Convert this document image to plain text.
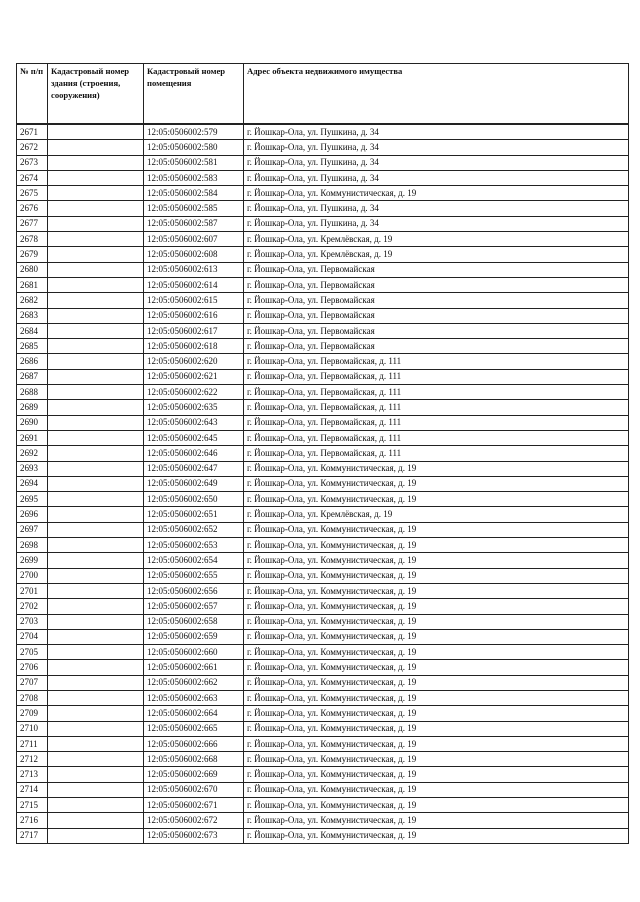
№ п/п	Кадастровый номер здания (строения, сооружения)	Кадастровый номер помещения	Адрес объекта недвижимого имущества
2671		12:05:0506002:579	г. Йошкар-Ола, ул. Пушкина, д. 34
2672		12:05:0506002:580	г. Йошкар-Ола, ул. Пушкина, д. 34
2673		12:05:0506002:581	г. Йошкар-Ола, ул. Пушкина, д. 34
2674		12:05:0506002:583	г. Йошкар-Ола, ул. Пушкина, д. 34
2675		12:05:0506002:584	г. Йошкар-Ола, ул. Коммунистическая, д. 19
2676		12:05:0506002:585	г. Йошкар-Ола, ул. Пушкина, д. 34
2677		12:05:0506002:587	г. Йошкар-Ола, ул. Пушкина, д. 34
2678		12:05:0506002:607	г. Йошкар-Ола, ул. Кремлёвская, д. 19
2679		12:05:0506002:608	г. Йошкар-Ола, ул. Кремлёвская, д. 19
2680		12:05:0506002:613	г. Йошкар-Ола, ул. Первомайская
2681		12:05:0506002:614	г. Йошкар-Ола, ул. Первомайская
2682		12:05:0506002:615	г. Йошкар-Ола, ул. Первомайская
2683		12:05:0506002:616	г. Йошкар-Ола, ул. Первомайская
2684		12:05:0506002:617	г. Йошкар-Ола, ул. Первомайская
2685		12:05:0506002:618	г. Йошкар-Ола, ул. Первомайская
2686		12:05:0506002:620	г. Йошкар-Ола, ул. Первомайская, д. 111
2687		12:05:0506002:621	г. Йошкар-Ола, ул. Первомайская, д. 111
2688		12:05:0506002:622	г. Йошкар-Ола, ул. Первомайская, д. 111
2689		12:05:0506002:635	г. Йошкар-Ола, ул. Первомайская, д. 111
2690		12:05:0506002:643	г. Йошкар-Ола, ул. Первомайская, д. 111
2691		12:05:0506002:645	г. Йошкар-Ола, ул. Первомайская, д. 111
2692		12:05:0506002:646	г. Йошкар-Ола, ул. Первомайская, д. 111
2693		12:05:0506002:647	г. Йошкар-Ола, ул. Коммунистическая, д. 19
2694		12:05:0506002:649	г. Йошкар-Ола, ул. Коммунистическая, д. 19
2695		12:05:0506002:650	г. Йошкар-Ола, ул. Коммунистическая, д. 19
2696		12:05:0506002:651	г. Йошкар-Ола, ул. Кремлёвская, д. 19
2697		12:05:0506002:652	г. Йошкар-Ола, ул. Коммунистическая, д. 19
2698		12:05:0506002:653	г. Йошкар-Ола, ул. Коммунистическая, д. 19
2699		12:05:0506002:654	г. Йошкар-Ола, ул. Коммунистическая, д. 19
2700		12:05:0506002:655	г. Йошкар-Ола, ул. Коммунистическая, д. 19
2701		12:05:0506002:656	г. Йошкар-Ола, ул. Коммунистическая, д. 19
2702		12:05:0506002:657	г. Йошкар-Ола, ул. Коммунистическая, д. 19
2703		12:05:0506002:658	г. Йошкар-Ола, ул. Коммунистическая, д. 19
2704		12:05:0506002:659	г. Йошкар-Ола, ул. Коммунистическая, д. 19
2705		12:05:0506002:660	г. Йошкар-Ола, ул. Коммунистическая, д. 19
2706		12:05:0506002:661	г. Йошкар-Ола, ул. Коммунистическая, д. 19
2707		12:05:0506002:662	г. Йошкар-Ола, ул. Коммунистическая, д. 19
2708		12:05:0506002:663	г. Йошкар-Ола, ул. Коммунистическая, д. 19
2709		12:05:0506002:664	г. Йошкар-Ола, ул. Коммунистическая, д. 19
2710		12:05:0506002:665	г. Йошкар-Ола, ул. Коммунистическая, д. 19
2711		12:05:0506002:666	г. Йошкар-Ола, ул. Коммунистическая, д. 19
2712		12:05:0506002:668	г. Йошкар-Ола, ул. Коммунистическая, д. 19
2713		12:05:0506002:669	г. Йошкар-Ола, ул. Коммунистическая, д. 19
2714		12:05:0506002:670	г. Йошкар-Ола, ул. Коммунистическая, д. 19
2715		12:05:0506002:671	г. Йошкар-Ола, ул. Коммунистическая, д. 19
2716		12:05:0506002:672	г. Йошкар-Ола, ул. Коммунистическая, д. 19
2717		12:05:0506002:673	г. Йошкар-Ола, ул. Коммунистическая, д. 19
